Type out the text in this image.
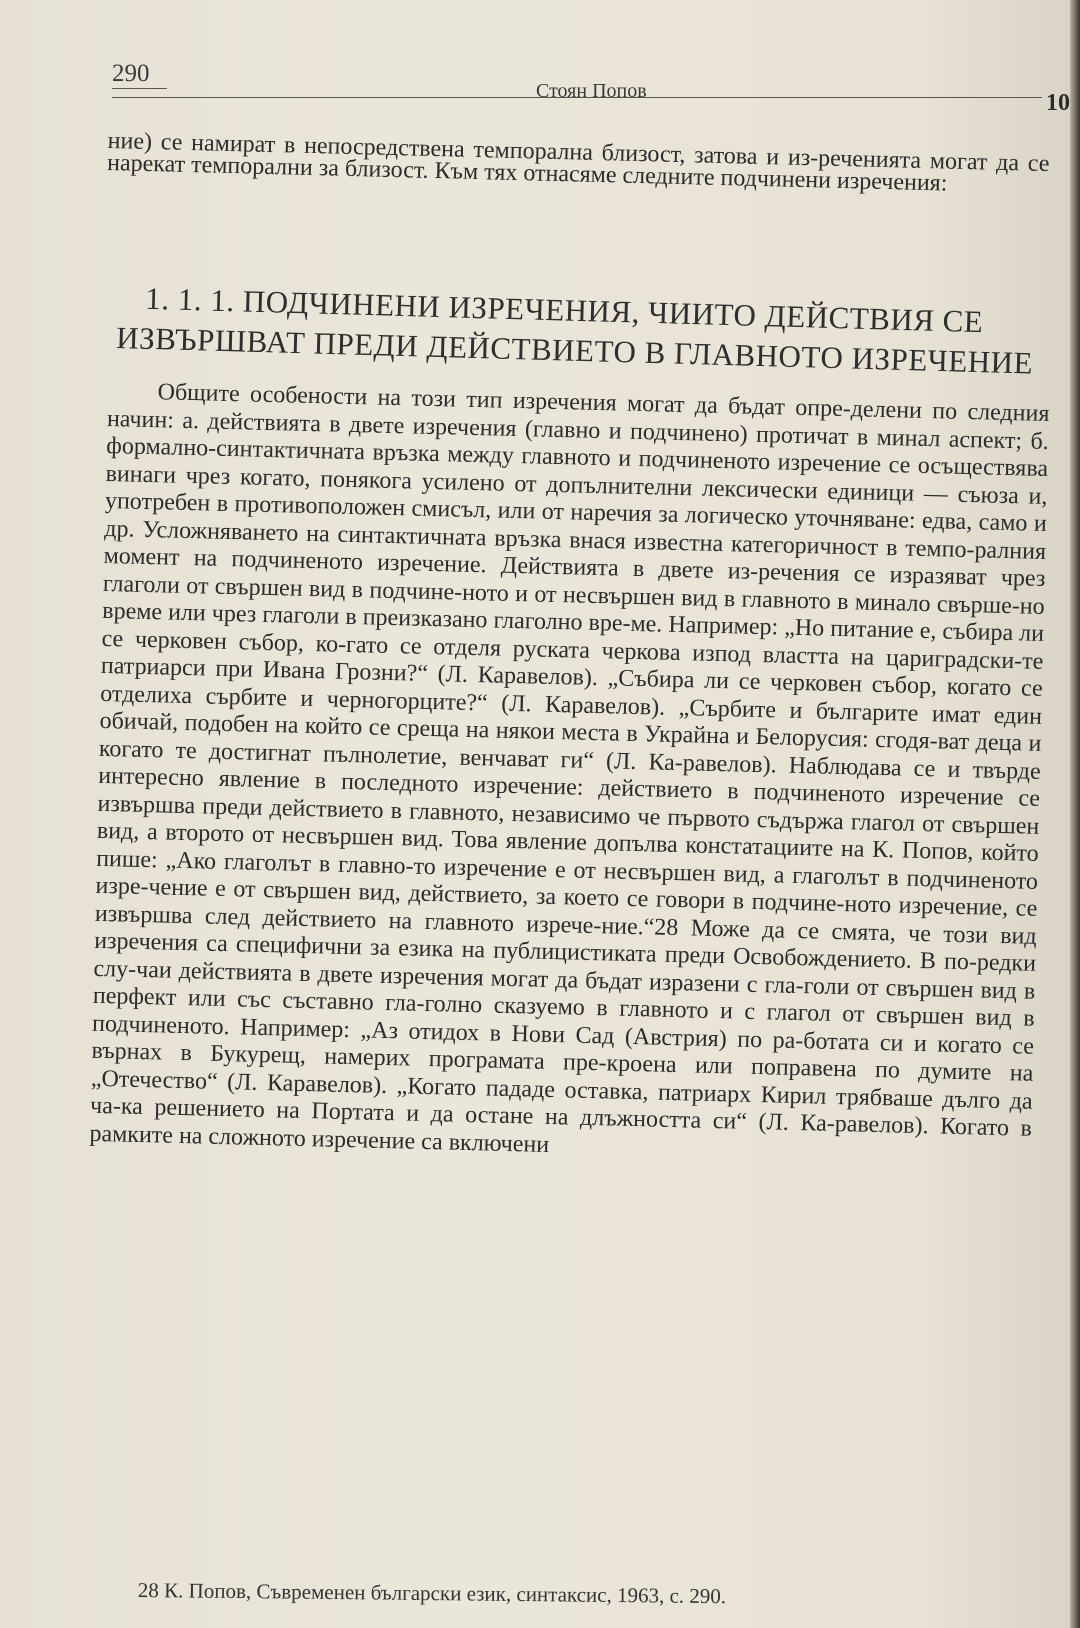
290
Стоян Попов	10

ние) се намират в непосредствена темпорална близост, затова и из-речeнията могат да се нарекат темпорални за близост. Към тях отнасяме следните подчинени изречения:

1. 1. 1. ПОДЧИНЕНИ ИЗРЕЧЕНИЯ, ЧИИТО ДЕЙСТВИЯ СЕ ИЗВЪРШВАТ ПРЕДИ ДЕЙСТВИЕТО В ГЛАВНОТО ИЗРЕЧЕНИЕ

Общите особености на този тип изречения могат да бъдат опре-делени по следния начин: а. действията в двете изречения (главно и подчинено) протичат в минал аспект; б. формално-синтактичната връзка между главното и подчиненото изречение се осъществява винаги чрез когато, понякога усилено от допълнителни лексически единици — съюза и, употребен в противоположен смисъл, или от наречия за логическо уточняване: едва, само и др. Усложняването на синтактичната връзка внася известна категоричност в темпо-ралния момент на подчиненото изречение. Действията в двете из-речения се изразяват чрез глаголи от свършен вид в подчине-ното и от несвършен вид в главното в минало свърше-но време или чрез глаголи в преизказано глаголно вре-ме. Например: „Но питание е, събира ли се черковен събор, ко-гато се отделя руската черкова изпод властта на цариградски-те патриарси при Ивана Грозни?“ (Л. Каравелов). „Събира ли се черковен събор, когато се отделиха сърбите и черногорците?“ (Л. Каравелов). „Сърбите и българите имат един обичай, подобен на който се среща на някои места в Украйна и Белорусия: сгодя-ват деца и когато те достигнат пълнолетие, венчават ги“ (Л. Ка-равелов). Наблюдава се и твърде интересно явление в последното изречение: действието в подчиненото изречение се извършва преди действието в главното, независимо че първото съдържа глагол от свършен вид, а второто от несвършен вид. Това явление допълва констатациите на К. Попов, който пише: „Ако глаголът в главно-то изречение е от несвършен вид, а глаголът в подчиненото изре-чение е от свършен вид, действието, за което се говори в подчине-ното изречение, се извършва след действието на главното изрече-ние.“28 Може да се смята, че този вид изречения са специфични за езика на публицистиката преди Освобождението. В по-редки слу-чаи действията в двете изречения могат да бъдат изразени с гла-голи от свършен вид в перфект или със съставно гла-голно сказуемо в главното и с глагол от свършен вид в подчиненото. Например: „Аз отидох в Нови Сад (Австрия) по ра-ботата си и когато се върнах в Букурещ, намерих програмата пре-кроена или поправена по думите на „Отечество“ (Л. Каравелов). „Когато пададе оставка, патриарх Кирил трябваше дълго да ча-ка решението на Портата и да остане на длъжността си“ (Л. Ка-равелов). Когато в рамките на сложното изречение са включени

28 К. Попов, Съвременен български език, синтаксис, 1963, с. 290.
